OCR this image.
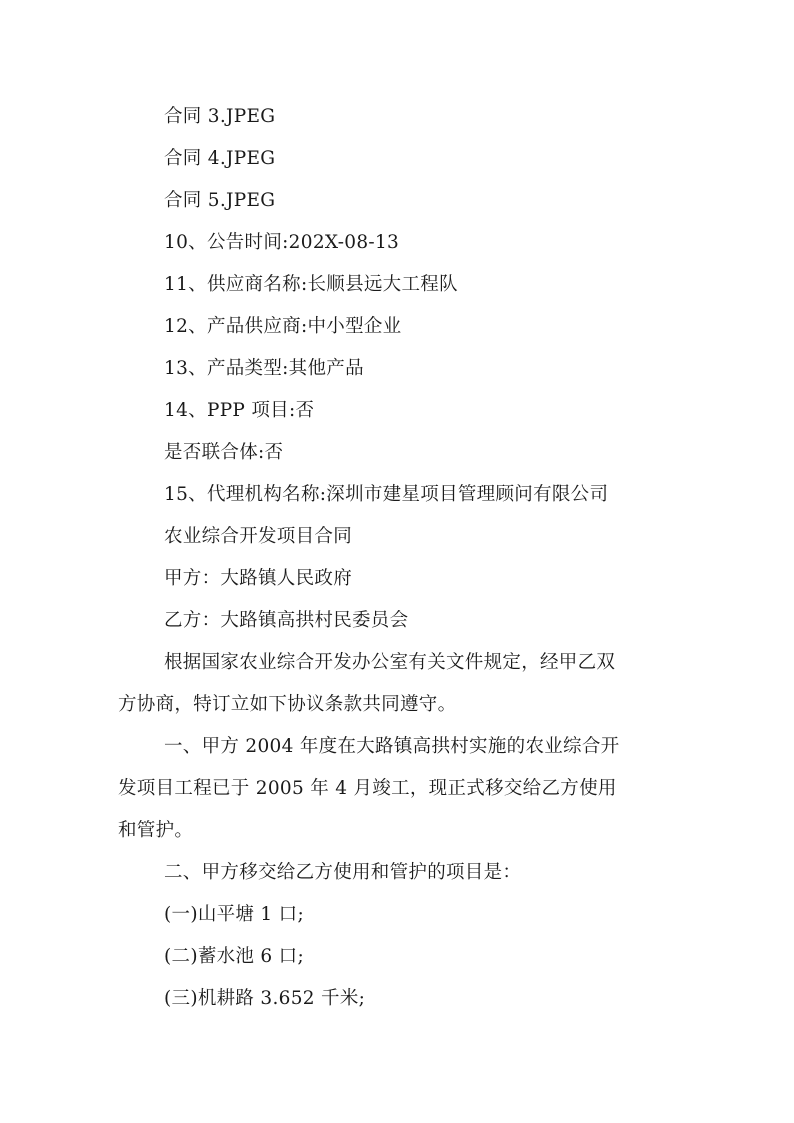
合同 3.JPEG
合同 4.JPEG
合同 5.JPEG
10、公告时间:202X-08-13
11、供应商名称:长顺县远大工程队
12、产品供应商:中小型企业
13、产品类型:其他产品
14、PPP 项目:否
是否联合体:否
15、代理机构名称:深圳市建星项目管理顾问有限公司
农业综合开发项目合同
甲方：大路镇人民政府
乙方：大路镇高拱村民委员会
根据国家农业综合开发办公室有关文件规定，经甲乙双
方协商，特订立如下协议条款共同遵守。
一、甲方 2004 年度在大路镇高拱村实施的农业综合开
发项目工程已于 2005 年 4 月竣工，现正式移交给乙方使用
和管护。
二、甲方移交给乙方使用和管护的项目是：
(一)山平塘 1 口;
(二)蓄水池 6 口;
(三)机耕路 3.652 千米;
